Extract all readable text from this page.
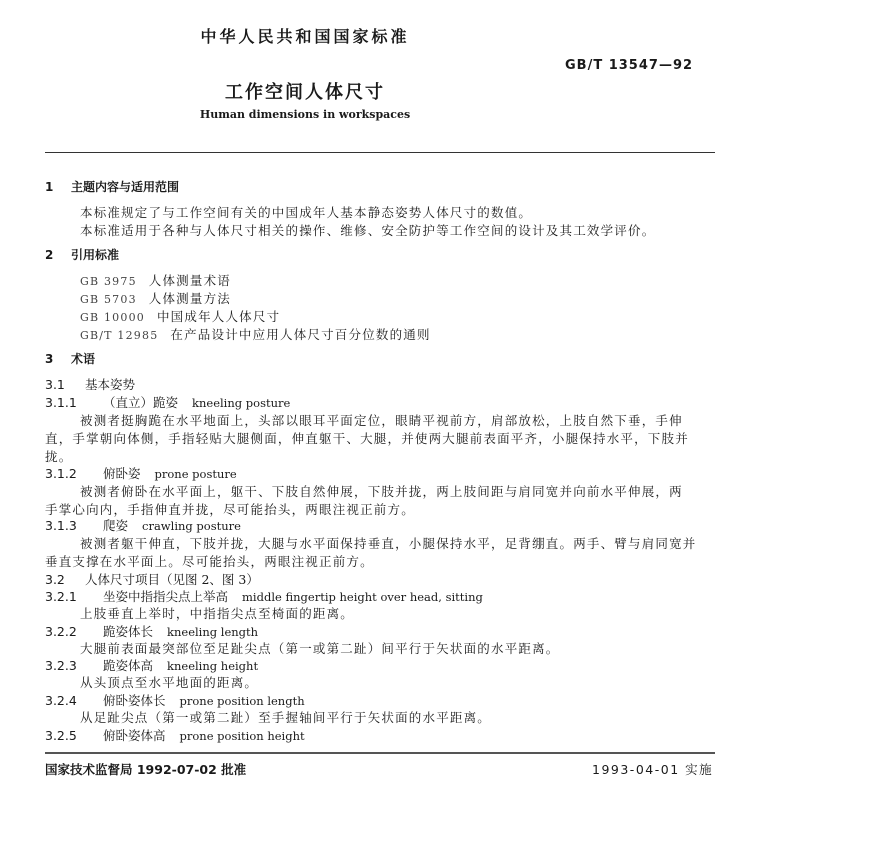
中华人民共和国国家标准
GB/T 13547—92
工作空间人体尺寸
Human dimensions in workspaces
1 主题内容与适用范围
本标准规定了与工作空间有关的中国成年人基本静态姿势人体尺寸的数值。
本标准适用于各种与人体尺寸相关的操作、维修、安全防护等工作空间的设计及其工效学评价。
2 引用标准
GB 3975 人体测量术语
GB 5703 人体测量方法
GB 10000 中国成年人人体尺寸
GB/T 12985 在产品设计中应用人体尺寸百分位数的通则
3 术语
3.1 基本姿势
3.1.1 （直立）跪姿 kneeling posture
被测者挺胸跪在水平地面上，头部以眼耳平面定位，眼睛平视前方，肩部放松，上肢自然下垂，手伸
直，手掌朝向体侧，手指轻贴大腿侧面，伸直躯干、大腿，并使两大腿前表面平齐，小腿保持水平，下肢并
拢。
3.1.2 俯卧姿 prone posture
被测者俯卧在水平面上，躯干、下肢自然伸展，下肢并拢，两上肢间距与肩同宽并向前水平伸展，两
手掌心向内，手指伸直并拢，尽可能抬头，两眼注视正前方。
3.1.3 爬姿 crawling posture
被测者躯干伸直，下肢并拢，大腿与水平面保持垂直，小腿保持水平，足背绷直。两手、臂与肩同宽并
垂直支撑在水平面上。尽可能抬头，两眼注视正前方。
3.2 人体尺寸项目（见图 2、图 3）
3.2.1 坐姿中指指尖点上举高 middle fingertip height over head, sitting
上肢垂直上举时，中指指尖点至椅面的距离。
3.2.2 跪姿体长 kneeling length
大腿前表面最突部位至足趾尖点（第一或第二趾）间平行于矢状面的水平距离。
3.2.3 跪姿体高 kneeling height
从头顶点至水平地面的距离。
3.2.4 俯卧姿体长 prone position length
从足趾尖点（第一或第二趾）至手握轴间平行于矢状面的水平距离。
3.2.5 俯卧姿体高 prone position height
国家技术监督局 1992-07-02 批准	1993-04-01 实施
